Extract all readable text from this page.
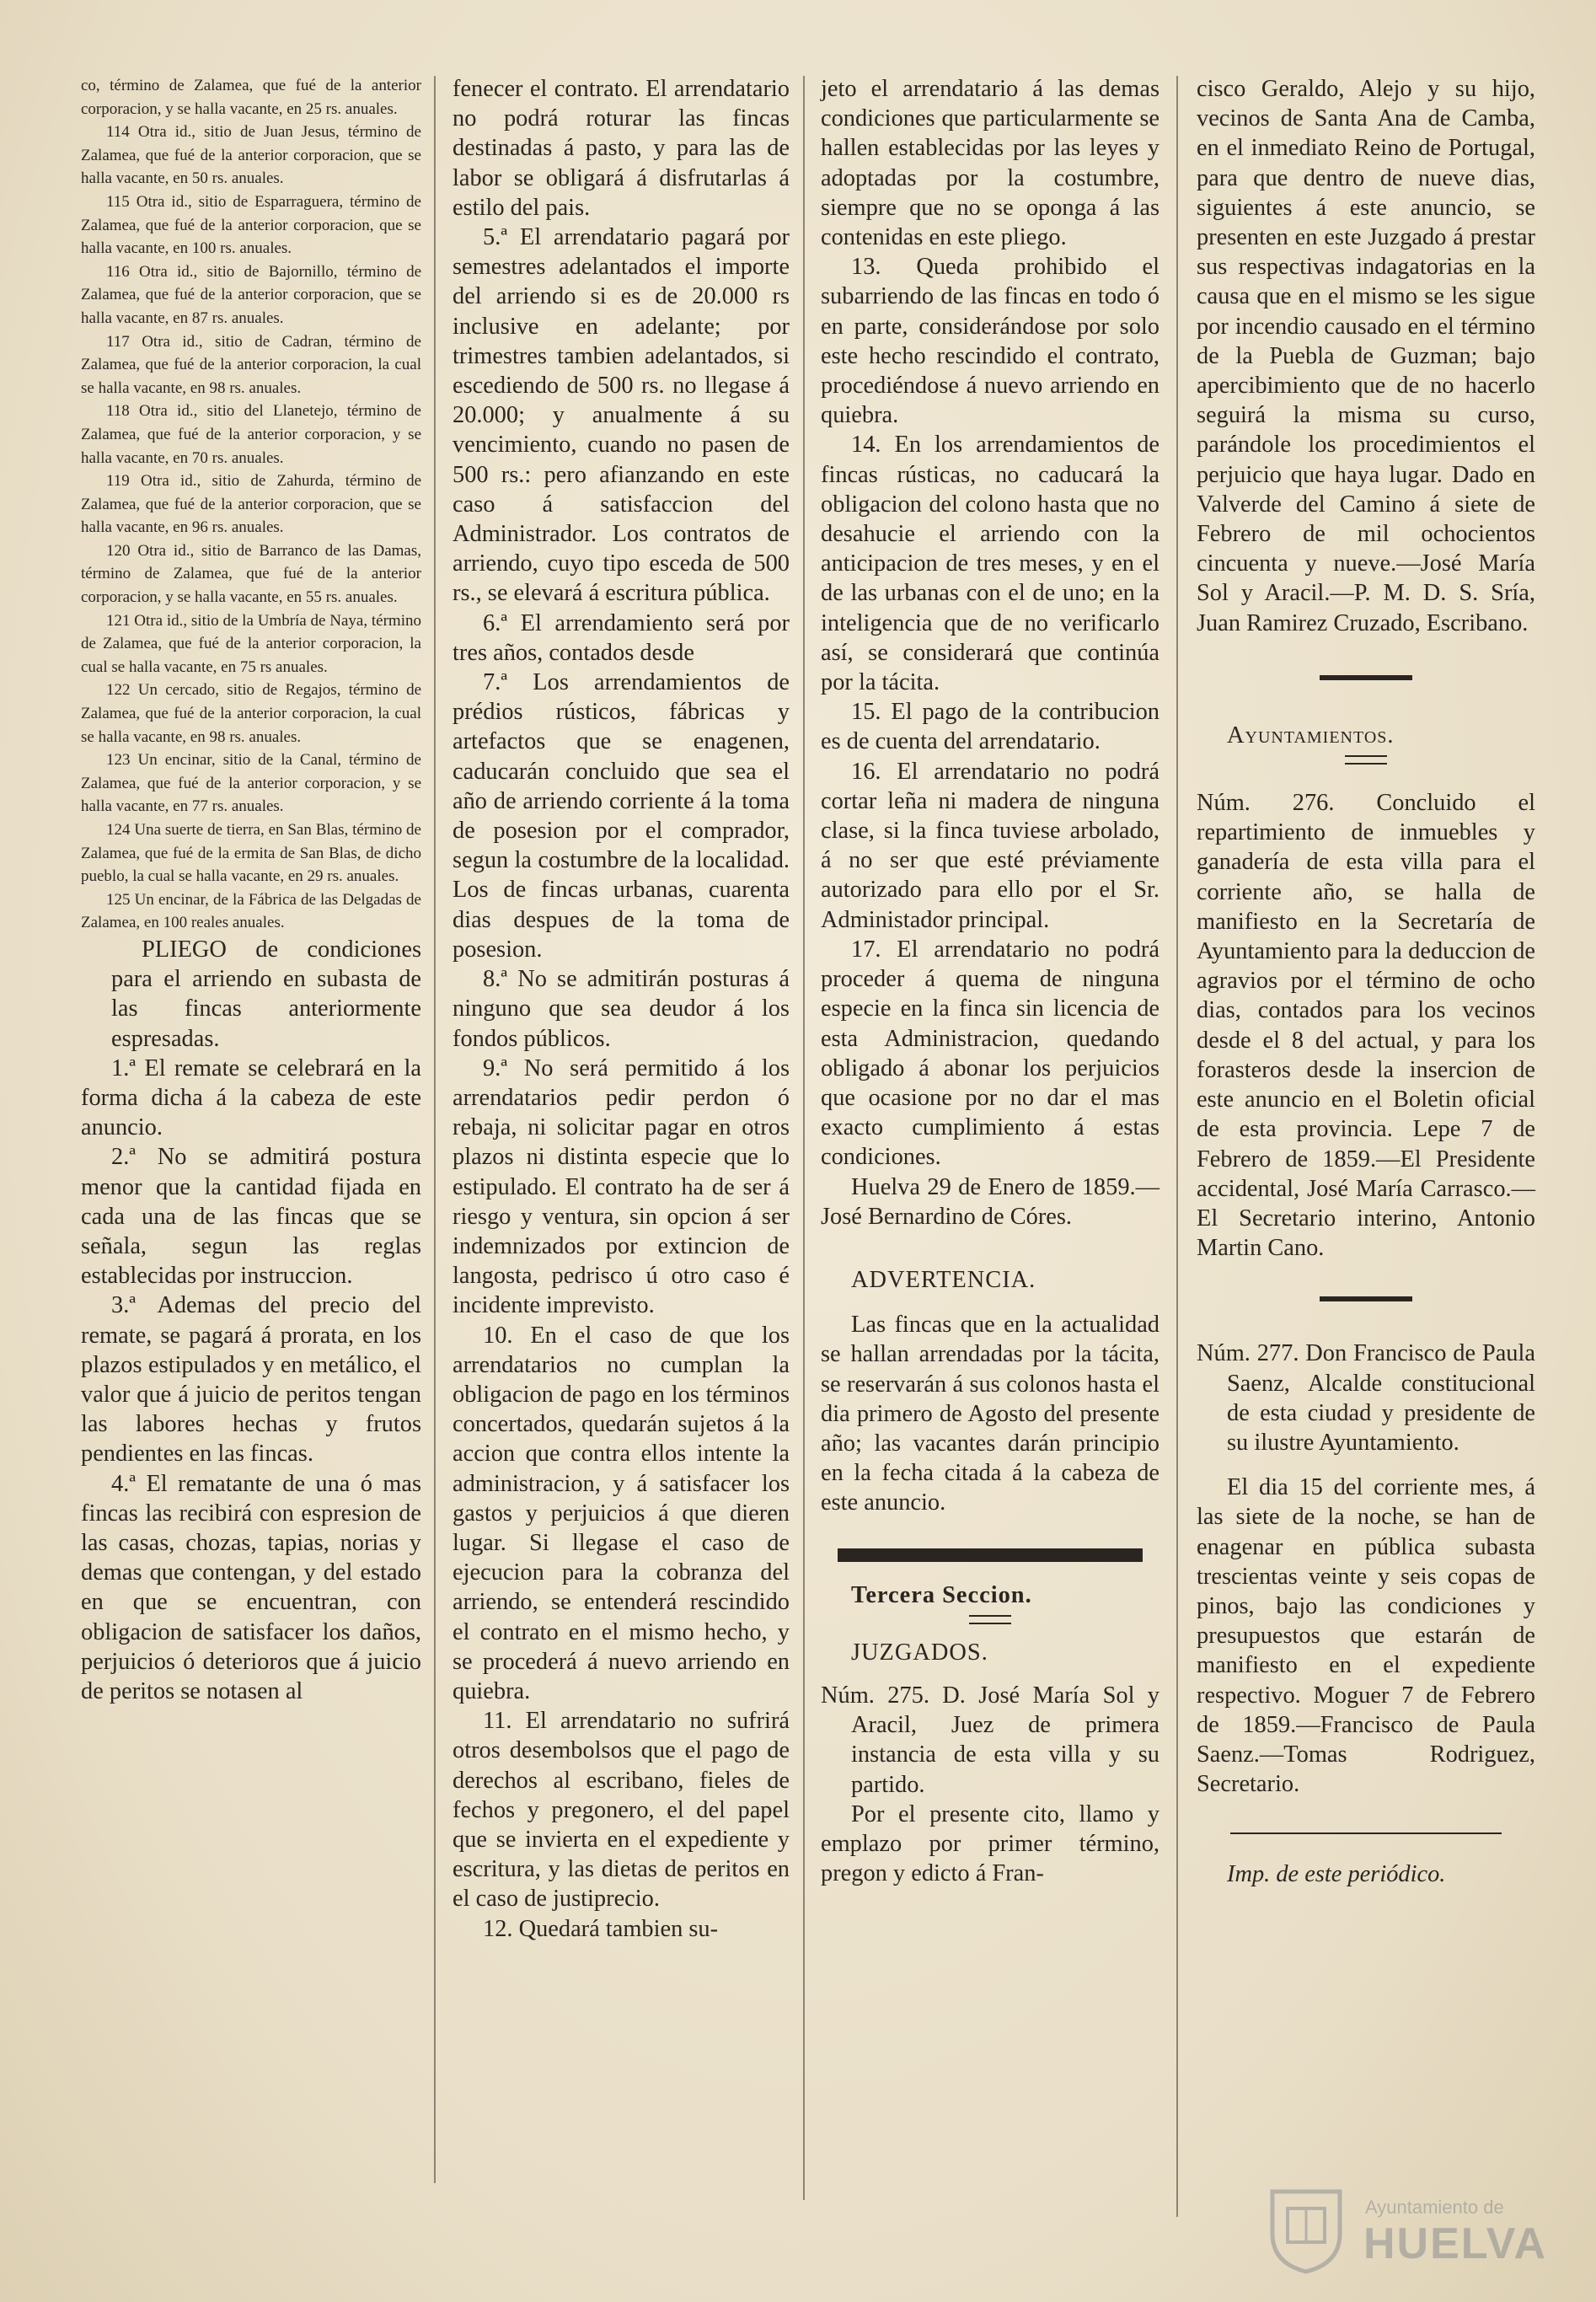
co, término de Zalamea, que fué de la anterior corporacion, y se halla vacante, en 25 rs. anuales.

114 Otra id., sitio de Juan Jesus, término de Zalamea, que fué de la anterior corporacion, que se halla vacante, en 50 rs. anuales.

115 Otra id., sitio de Esparraguera, término de Zalamea, que fué de la anterior corporacion, que se halla vacante, en 100 rs. anuales.

116 Otra id., sitio de Bajornillo, término de Zalamea, que fué de la anterior corporacion, que se halla vacante, en 87 rs. anuales.

117 Otra id., sitio de Cadran, término de Zalamea, que fué de la anterior corporacion, la cual se halla vacante, en 98 rs. anuales.

118 Otra id., sitio del Llanetejo, término de Zalamea, que fué de la anterior corporacion, y se halla vacante, en 70 rs. anuales.

119 Otra id., sitio de Zahurda, término de Zalamea, que fué de la anterior corporacion, que se halla vacante, en 96 rs. anuales.

120 Otra id., sitio de Barranco de las Damas, término de Zalamea, que fué de la anterior corporacion, y se halla vacante, en 55 rs. anuales.

121 Otra id., sitio de la Umbría de Naya, término de Zalamea, que fué de la anterior corporacion, la cual se halla vacante, en 75 rs anuales.

122 Un cercado, sitio de Regajos, término de Zalamea, que fué de la anterior corporacion, la cual se halla vacante, en 98 rs. anuales.

123 Un encinar, sitio de la Canal, término de Zalamea, que fué de la anterior corporacion, y se halla vacante, en 77 rs. anuales.

124 Una suerte de tierra, en San Blas, término de Zalamea, que fué de la ermita de San Blas, de dicho pueblo, la cual se halla vacante, en 29 rs. anuales.

125 Un encinar, de la Fábrica de las Delgadas de Zalamea, en 100 reales anuales.

PLIEGO de condiciones para el arriendo en subasta de las fincas anteriormente espresadas.

1.ª El remate se celebrará en la forma dicha á la cabeza de este anuncio.

2.ª No se admitirá postura menor que la cantidad fijada en cada una de las fincas que se señala, segun las reglas establecidas por instruccion.

3.ª Ademas del precio del remate, se pagará á prorata, en los plazos estipulados y en metálico, el valor que á juicio de peritos tengan las labores hechas y frutos pendientes en las fincas.

4.ª El rematante de una ó mas fincas las recibirá con espresion de las casas, chozas, tapias, norias y demas que contengan, y del estado en que se encuentran, con obligacion de satisfacer los daños, perjuicios ó deterioros que á juicio de peritos se notasen al

fenecer el contrato. El arrendatario no podrá roturar las fincas destinadas á pasto, y para las de labor se obligará á disfrutarlas á estilo del pais.

5.ª El arrendatario pagará por semestres adelantados el importe del arriendo si es de 20.000 rs inclusive en adelante; por trimestres tambien adelantados, si escediendo de 500 rs. no llegase á 20.000; y anualmente á su vencimiento, cuando no pasen de 500 rs.: pero afianzando en este caso á satisfaccion del Administrador. Los contratos de arriendo, cuyo tipo esceda de 500 rs., se elevará á escritura pública.

6.ª El arrendamiento será por tres años, contados desde

7.ª Los arrendamientos de prédios rústicos, fábricas y artefactos que se enagenen, caducarán concluido que sea el año de arriendo corriente á la toma de posesion por el comprador, segun la costumbre de la localidad. Los de fincas urbanas, cuarenta dias despues de la toma de posesion.

8.ª No se admitirán posturas á ninguno que sea deudor á los fondos públicos.

9.ª No será permitido á los arrendatarios pedir perdon ó rebaja, ni solicitar pagar en otros plazos ni distinta especie que lo estipulado. El contrato ha de ser á riesgo y ventura, sin opcion á ser indemnizados por extincion de langosta, pedrisco ú otro caso é incidente imprevisto.

10. En el caso de que los arrendatarios no cumplan la obligacion de pago en los términos concertados, quedarán sujetos á la accion que contra ellos intente la administracion, y á satisfacer los gastos y perjuicios á que dieren lugar. Si llegase el caso de ejecucion para la cobranza del arriendo, se entenderá rescindido el contrato en el mismo hecho, y se procederá á nuevo arriendo en quiebra.

11. El arrendatario no sufrirá otros desembolsos que el pago de derechos al escribano, fieles de fechos y pregonero, el del papel que se invierta en el expediente y escritura, y las dietas de peritos en el caso de justiprecio.

12. Quedará tambien su-

jeto el arrendatario á las demas condiciones que particularmente se hallen establecidas por las leyes y adoptadas por la costumbre, siempre que no se oponga á las contenidas en este pliego.

13. Queda prohibido el subarriendo de las fincas en todo ó en parte, considerándose por solo este hecho rescindido el contrato, procediéndose á nuevo arriendo en quiebra.

14. En los arrendamientos de fincas rústicas, no caducará la obligacion del colono hasta que no desahucie el arriendo con la anticipacion de tres meses, y en el de las urbanas con el de uno; en la inteligencia que de no verificarlo así, se considerará que continúa por la tácita.

15. El pago de la contribucion es de cuenta del arrendatario.

16. El arrendatario no podrá cortar leña ni madera de ninguna clase, si la finca tuviese arbolado, á no ser que esté préviamente autorizado para ello por el Sr. Administador principal.

17. El arrendatario no podrá proceder á quema de ninguna especie en la finca sin licencia de esta Administracion, quedando obligado á abonar los perjuicios que ocasione por no dar el mas exacto cumplimiento á estas condiciones.

Huelva 29 de Enero de 1859.—José Bernardino de Córes.

ADVERTENCIA.

Las fincas que en la actualidad se hallan arrendadas por la tácita, se reservarán á sus colonos hasta el dia primero de Agosto del presente año; las vacantes darán principio en la fecha citada á la cabeza de este anuncio.

Tercera Seccion.

JUZGADOS.

Núm. 275. D. José María Sol y Aracil, Juez de primera instancia de esta villa y su partido.

Por el presente cito, llamo y emplazo por primer término, pregon y edicto á Fran-

cisco Geraldo, Alejo y su hijo, vecinos de Santa Ana de Camba, en el inmediato Reino de Portugal, para que dentro de nueve dias, siguientes á este anuncio, se presenten en este Juzgado á prestar sus respectivas indagatorias en la causa que en el mismo se les sigue por incendio causado en el término de la Puebla de Guzman; bajo apercibimiento que de no hacerlo seguirá la misma su curso, parándole los procedimientos el perjuicio que haya lugar. Dado en Valverde del Camino á siete de Febrero de mil ochocientos cincuenta y nueve.—José María Sol y Aracil.—P. M. D. S. Sría, Juan Ramirez Cruzado, Escribano.

Ayuntamientos.

Núm. 276. Concluido el repartimiento de inmuebles y ganadería de esta villa para el corriente año, se halla de manifiesto en la Secretaría de Ayuntamiento para la deduccion de agravios por el término de ocho dias, contados para los vecinos desde el 8 del actual, y para los forasteros desde la insercion de este anuncio en el Boletin oficial de esta provincia. Lepe 7 de Febrero de 1859.—El Presidente accidental, José María Carrasco.—El Secretario interino, Antonio Martin Cano.

Núm. 277. Don Francisco de Paula Saenz, Alcalde constitucional de esta ciudad y presidente de su ilustre Ayuntamiento.

El dia 15 del corriente mes, á las siete de la noche, se han de enagenar en pública subasta trescientas veinte y seis copas de pinos, bajo las condiciones y presupuestos que estarán de manifiesto en el expediente respectivo. Moguer 7 de Febrero de 1859.—Francisco de Paula Saenz.—Tomas Rodriguez, Secretario.

Imp. de este periódico.

Ayuntamiento de
HUELVA
